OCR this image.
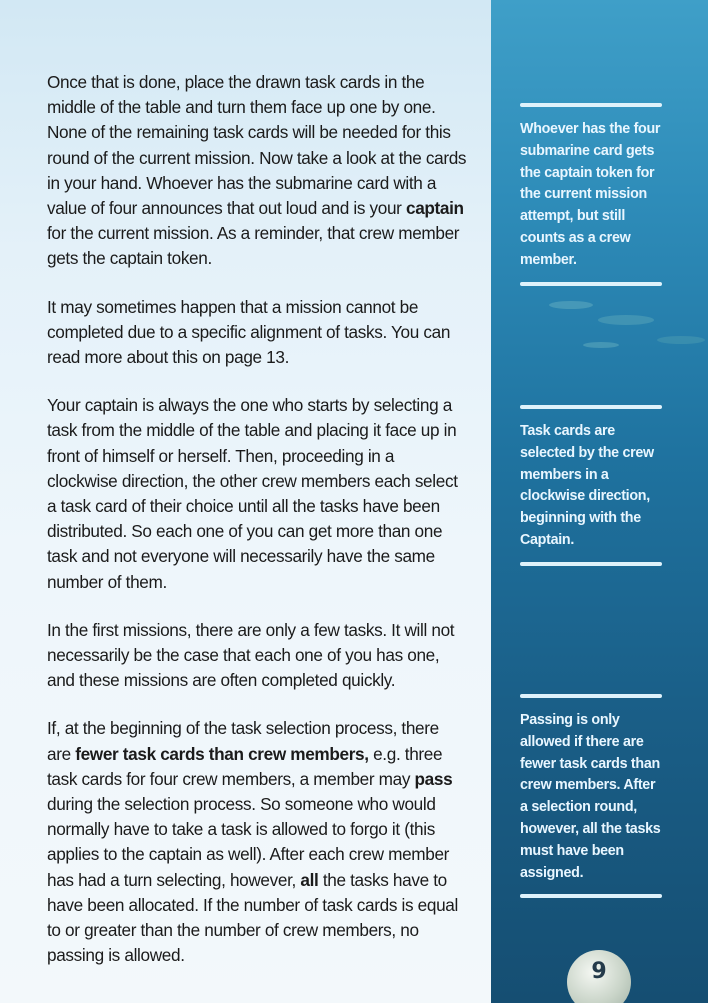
Once that is done, place the drawn task cards in the middle of the table and turn them face up one by one. None of the remaining task cards will be needed for this round of the current mission. Now take a look at the cards in your hand. Whoever has the submarine card with a value of four announces that out loud and is your captain for the current mission. As a reminder, that crew member gets the captain token.

It may sometimes happen that a mission cannot be completed due to a specific alignment of tasks. You can read more about this on page 13.

Your captain is always the one who starts by selecting a task from the middle of the table and placing it face up in front of himself or herself. Then, proceeding in a clockwise direction, the other crew members each select a task card of their choice until all the tasks have been distributed. So each one of you can get more than one task and not everyone will necessarily have the same number of them.

In the first missions, there are only a few tasks. It will not necessarily be the case that each one of you has one, and these missions are often completed quickly.

If, at the beginning of the task selection process, there are fewer task cards than crew members, e.g. three task cards for four crew members, a member may pass during the selection process. So someone who would normally have to take a task is allowed to forgo it (this applies to the captain as well). After each crew member has had a turn selecting, however, all the tasks have to have been allocated. If the number of task cards is equal to or greater than the number of crew members, no passing is allowed.

Whoever has the four submarine card gets the captain token for the current mission attempt, but still counts as a crew member.
Task cards are selected by the crew members in a clockwise direction, beginning with the Captain.
Passing is only allowed if there are fewer task cards than crew members. After a selection round, however, all the tasks must have been assigned.
9
